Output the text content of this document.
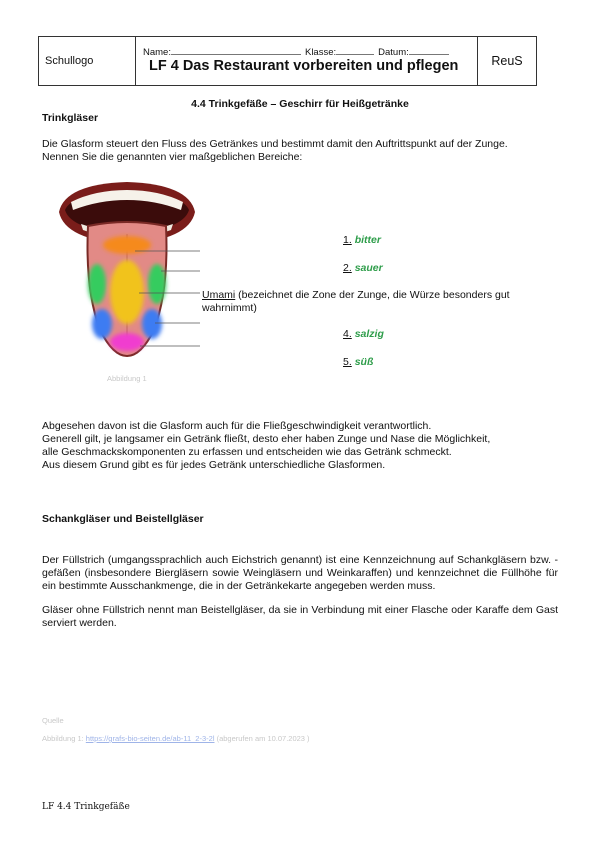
Schullogo
Name:	Klasse:	Datum:
LF 4 Das Restaurant vorbereiten und pflegen	ReuS
4.4 Trinkgefäße – Geschirr für Heißgetränke
Trinkgläser
Die Glasform steuert den Fluss des Getränkes und bestimmt damit den Auftrittspunkt auf der Zunge.
Nennen Sie die genannten vier maßgeblichen Bereiche:
Abbildung 1
1. bitter
2. sauer
Umami (bezeichnet die Zone der Zunge, die Würze besonders gut wahrnimmt)
4. salzig
5. süß
Abgesehen davon ist die Glasform auch für die Fließgeschwindigkeit verantwortlich.
Generell gilt, je langsamer ein Getränk fließt, desto eher haben Zunge und Nase die Möglichkeit,
alle Geschmackskomponenten zu erfassen und entscheiden wie das Getränk schmeckt.
Aus diesem Grund gibt es für jedes Getränk unterschiedliche Glasformen.
Schankgläser und Beistellgläser
Der Füllstrich (umgangssprachlich auch Eichstrich genannt) ist eine Kennzeichnung auf Schankgläsern bzw. -gefäßen (insbesondere Biergläsern sowie Weingläsern und Weinkaraffen) und kennzeichnet die Füllhöhe für ein bestimmte Ausschankmenge, die in der Getränkekarte angegeben werden muss.
Gläser ohne Füllstrich nennt man Beistellgläser, da sie in Verbindung mit einer Flasche oder Karaffe dem Gast serviert werden.
Quelle
Abbildung 1: https://grafs-bio-seiten.de/ab-11_2-3-2l (abgerufen am 10.07.2023 )
LF 4.4 Trinkgefäße
